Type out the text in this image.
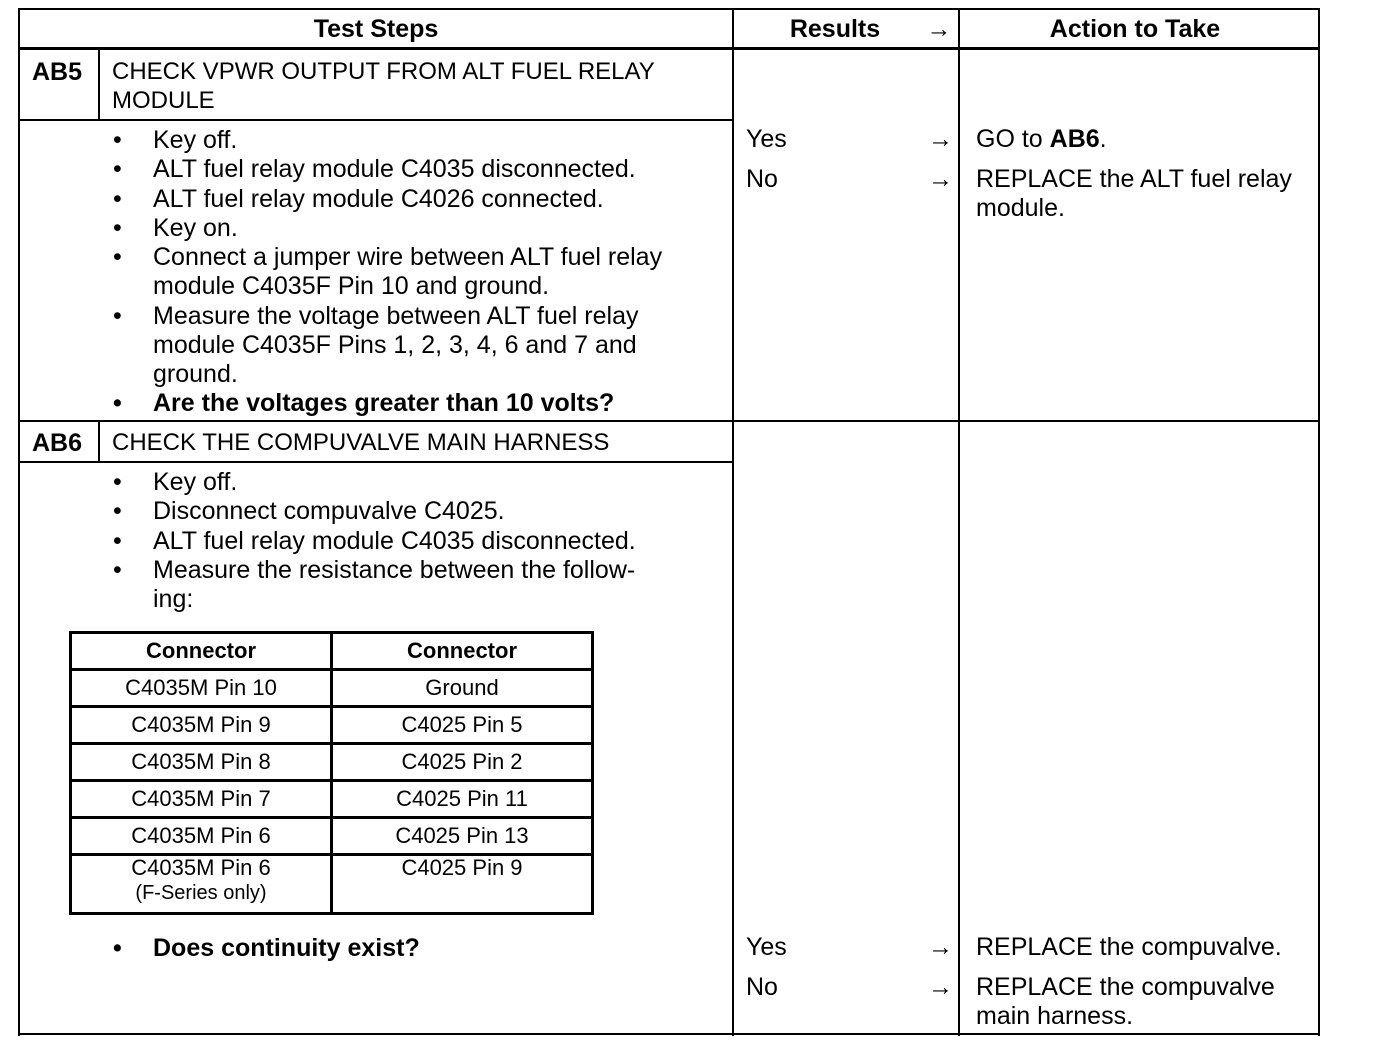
Test Steps	Results	→	Action to Take
AB5 CHECK VPWR OUTPUT FROM ALT FUEL RELAY
MODULE
• Key off.
• ALT fuel relay module C4035 disconnected.
• ALT fuel relay module C4026 connected.
• Key on.
• Connect a jumper wire between ALT fuel relay
module C4035F Pin 10 and ground.
• Measure the voltage between ALT fuel relay
module C4035F Pins 1, 2, 3, 4, 6 and 7 and
ground.
• Are the voltages greater than 10 volts?
Yes	→ GO to AB6.
No	→ REPLACE the ALT fuel relay
module.
AB6 CHECK THE COMPUVALVE MAIN HARNESS
• Key off.
• Disconnect compuvalve C4025.
• ALT fuel relay module C4035 disconnected.
• Measure the resistance between the follow-
ing:
Connector	Connector
C4035M Pin 10	Ground
C4035M Pin 9	C4025 Pin 5
C4035M Pin 8	C4025 Pin 2
C4035M Pin 7	C4025 Pin 11
C4035M Pin 6	C4025 Pin 13
C4035M Pin 6
(F-Series only)	C4025 Pin 9
• Does continuity exist?	Yes	→ REPLACE the compuvalve.
No	→ REPLACE the compuvalve
main harness.
